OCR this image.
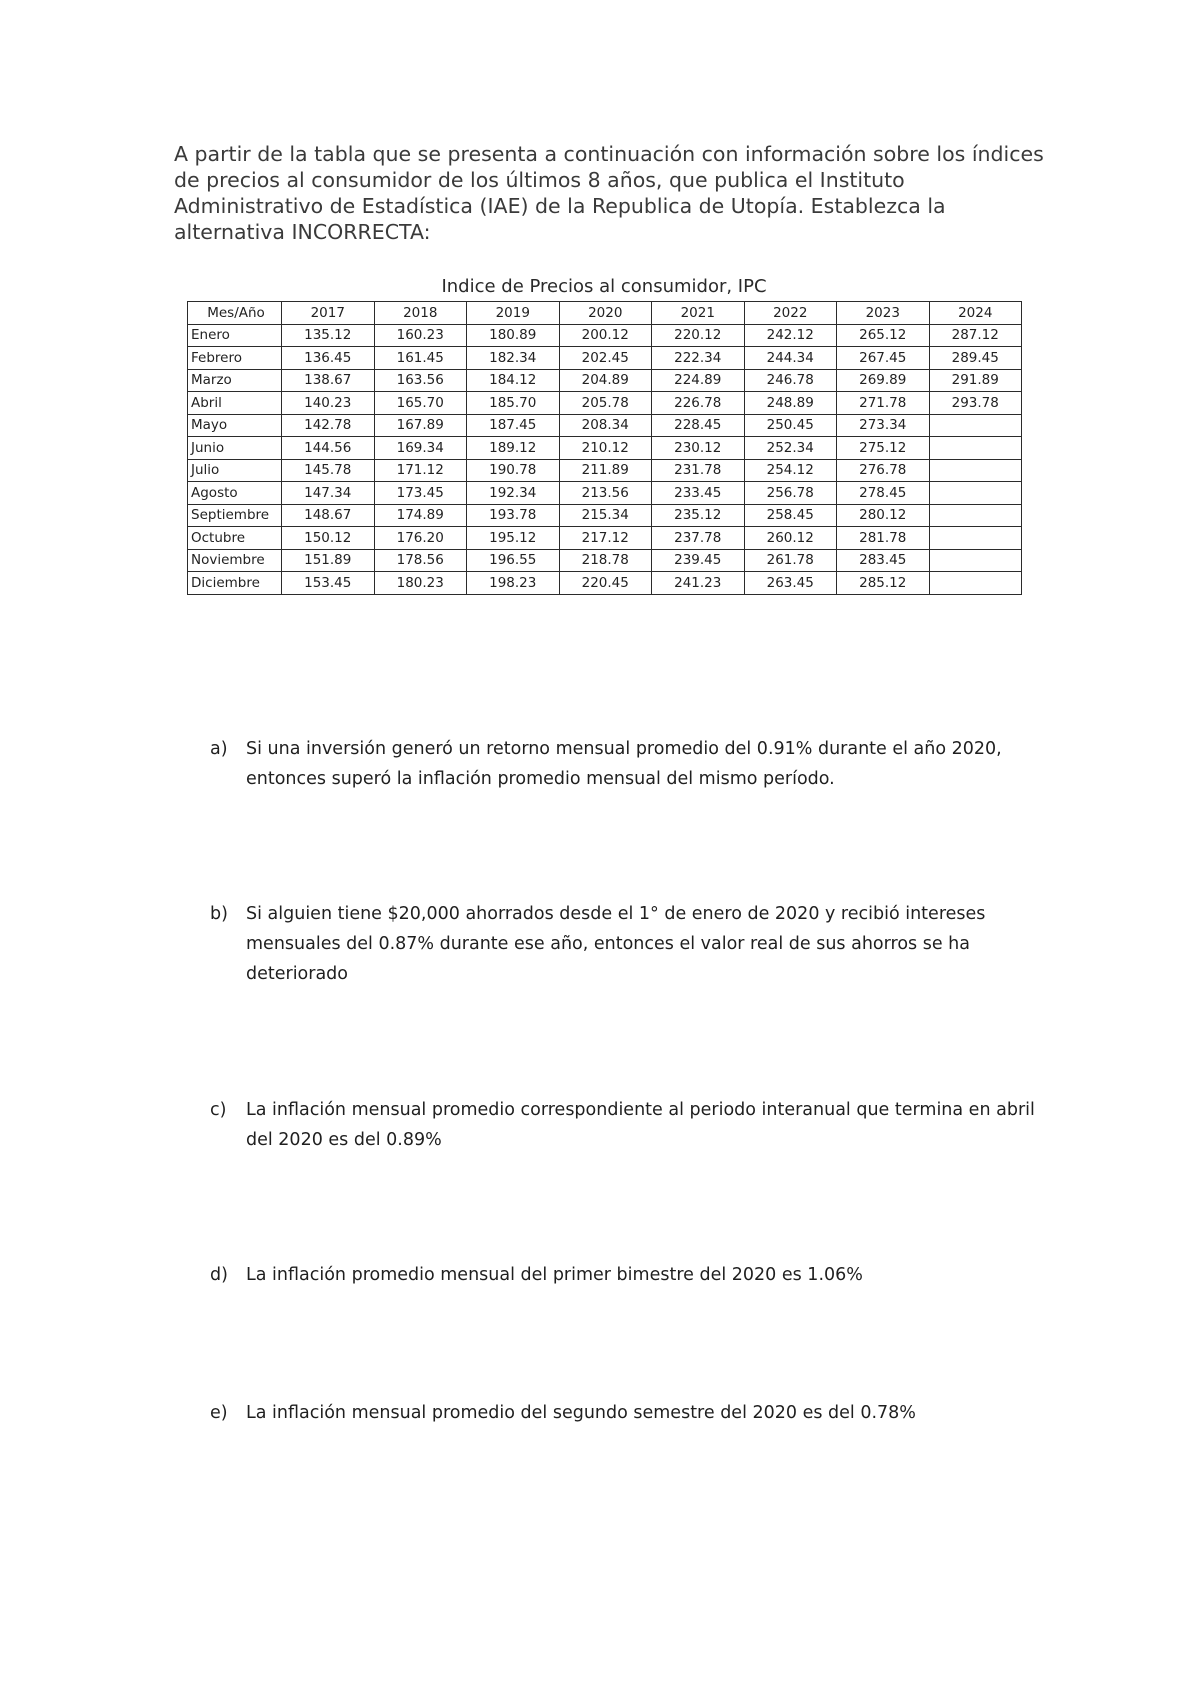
A partir de la tabla que se presenta a continuación con información sobre los índices de precios al consumidor de los últimos 8 años, que publica el Instituto Administrativo de Estadística (IAE) de la Republica de Utopía. Establezca la alternativa INCORRECTA:

Indice de Precios al consumidor, IPC

Mes/Año	2017	2018	2019	2020	2021	2022	2023	2024
Enero	135.12	160.23	180.89	200.12	220.12	242.12	265.12	287.12
Febrero	136.45	161.45	182.34	202.45	222.34	244.34	267.45	289.45
Marzo	138.67	163.56	184.12	204.89	224.89	246.78	269.89	291.89
Abril	140.23	165.70	185.70	205.78	226.78	248.89	271.78	293.78
Mayo	142.78	167.89	187.45	208.34	228.45	250.45	273.34	
Junio	144.56	169.34	189.12	210.12	230.12	252.34	275.12	
Julio	145.78	171.12	190.78	211.89	231.78	254.12	276.78	
Agosto	147.34	173.45	192.34	213.56	233.45	256.78	278.45	
Septiembre	148.67	174.89	193.78	215.34	235.12	258.45	280.12	
Octubre	150.12	176.20	195.12	217.12	237.78	260.12	281.78	
Noviembre	151.89	178.56	196.55	218.78	239.45	261.78	283.45	
Diciembre	153.45	180.23	198.23	220.45	241.23	263.45	285.12	
a)	Si una inversión generó un retorno mensual promedio del 0.91% durante el año 2020, entonces superó la inflación promedio mensual del mismo período.
b)	Si alguien tiene $20,000 ahorrados desde el 1° de enero de 2020 y recibió intereses mensuales del 0.87% durante ese año, entonces el valor real de sus ahorros se ha deteriorado
c)	La inflación mensual promedio correspondiente al periodo interanual que termina en abril del 2020 es del 0.89%
d)	La inflación promedio mensual del primer bimestre del 2020 es 1.06%
e)	La inflación mensual promedio del segundo semestre del 2020 es del 0.78%
